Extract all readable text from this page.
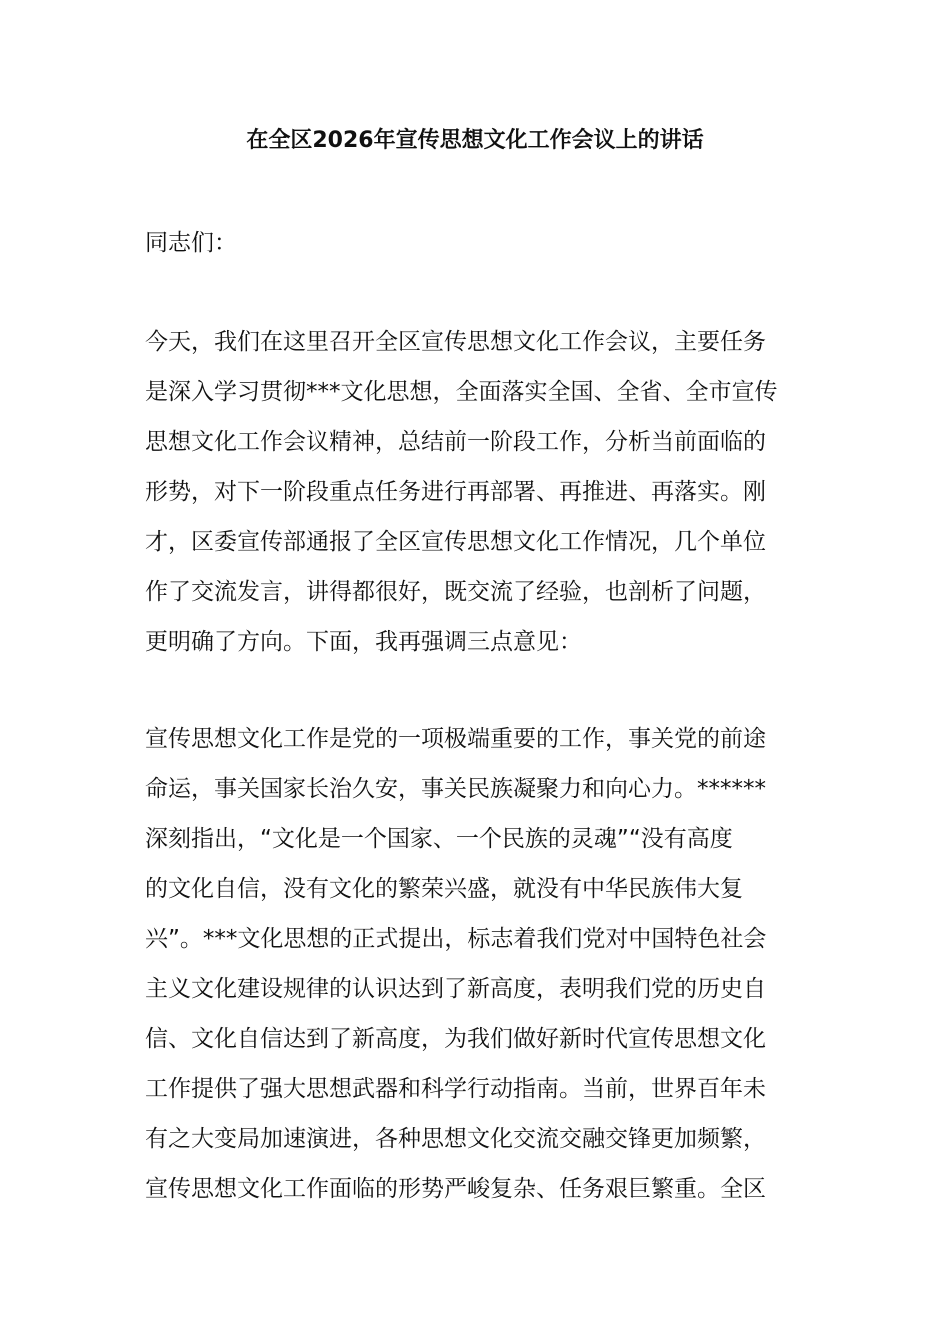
在全区2026年宣传思想文化工作会议上的讲话
同志们：
今天，我们在这里召开全区宣传思想文化工作会议，主要任务
是深入学习贯彻***文化思想，全面落实全国、全省、全市宣传
思想文化工作会议精神，总结前一阶段工作，分析当前面临的
形势，对下一阶段重点任务进行再部署、再推进、再落实。刚
才，区委宣传部通报了全区宣传思想文化工作情况，几个单位
作了交流发言，讲得都很好，既交流了经验，也剖析了问题，
更明确了方向。下面，我再强调三点意见：
宣传思想文化工作是党的一项极端重要的工作，事关党的前途
命运，事关国家长治久安，事关民族凝聚力和向心力。******
深刻指出，“文化是一个国家、一个民族的灵魂”“没有高度
的文化自信，没有文化的繁荣兴盛，就没有中华民族伟大复
兴”。***文化思想的正式提出，标志着我们党对中国特色社会
主义文化建设规律的认识达到了新高度，表明我们党的历史自
信、文化自信达到了新高度，为我们做好新时代宣传思想文化
工作提供了强大思想武器和科学行动指南。当前，世界百年未
有之大变局加速演进，各种思想文化交流交融交锋更加频繁，
宣传思想文化工作面临的形势严峻复杂、任务艰巨繁重。全区
